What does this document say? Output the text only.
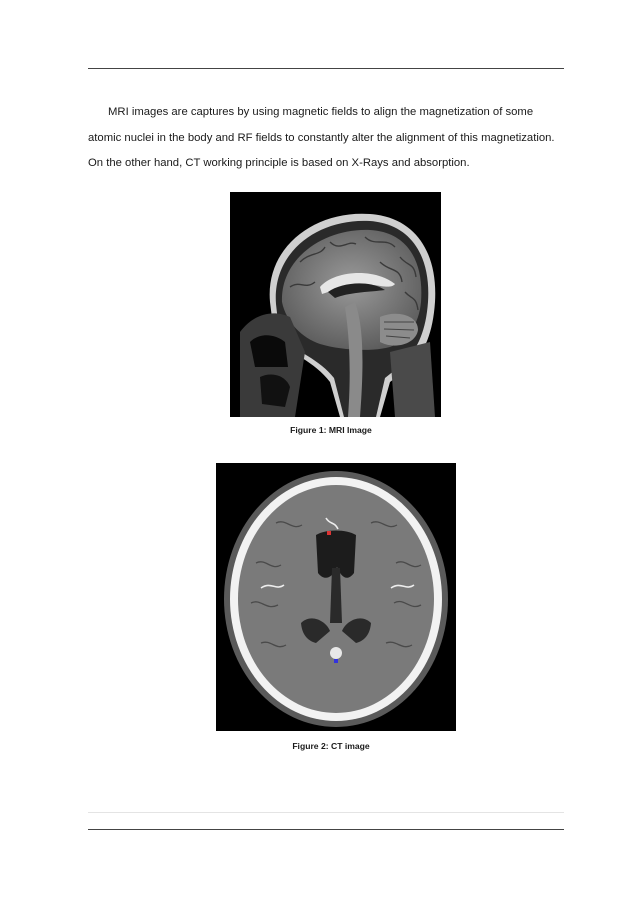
MRI images are captures by using magnetic fields to align the magnetization of some atomic nuclei in the body and RF fields to constantly alter the alignment of this magnetization. On the other hand, CT working principle is based on X-Rays and absorption.

Figure 1: MRI Image
Figure 2: CT image
